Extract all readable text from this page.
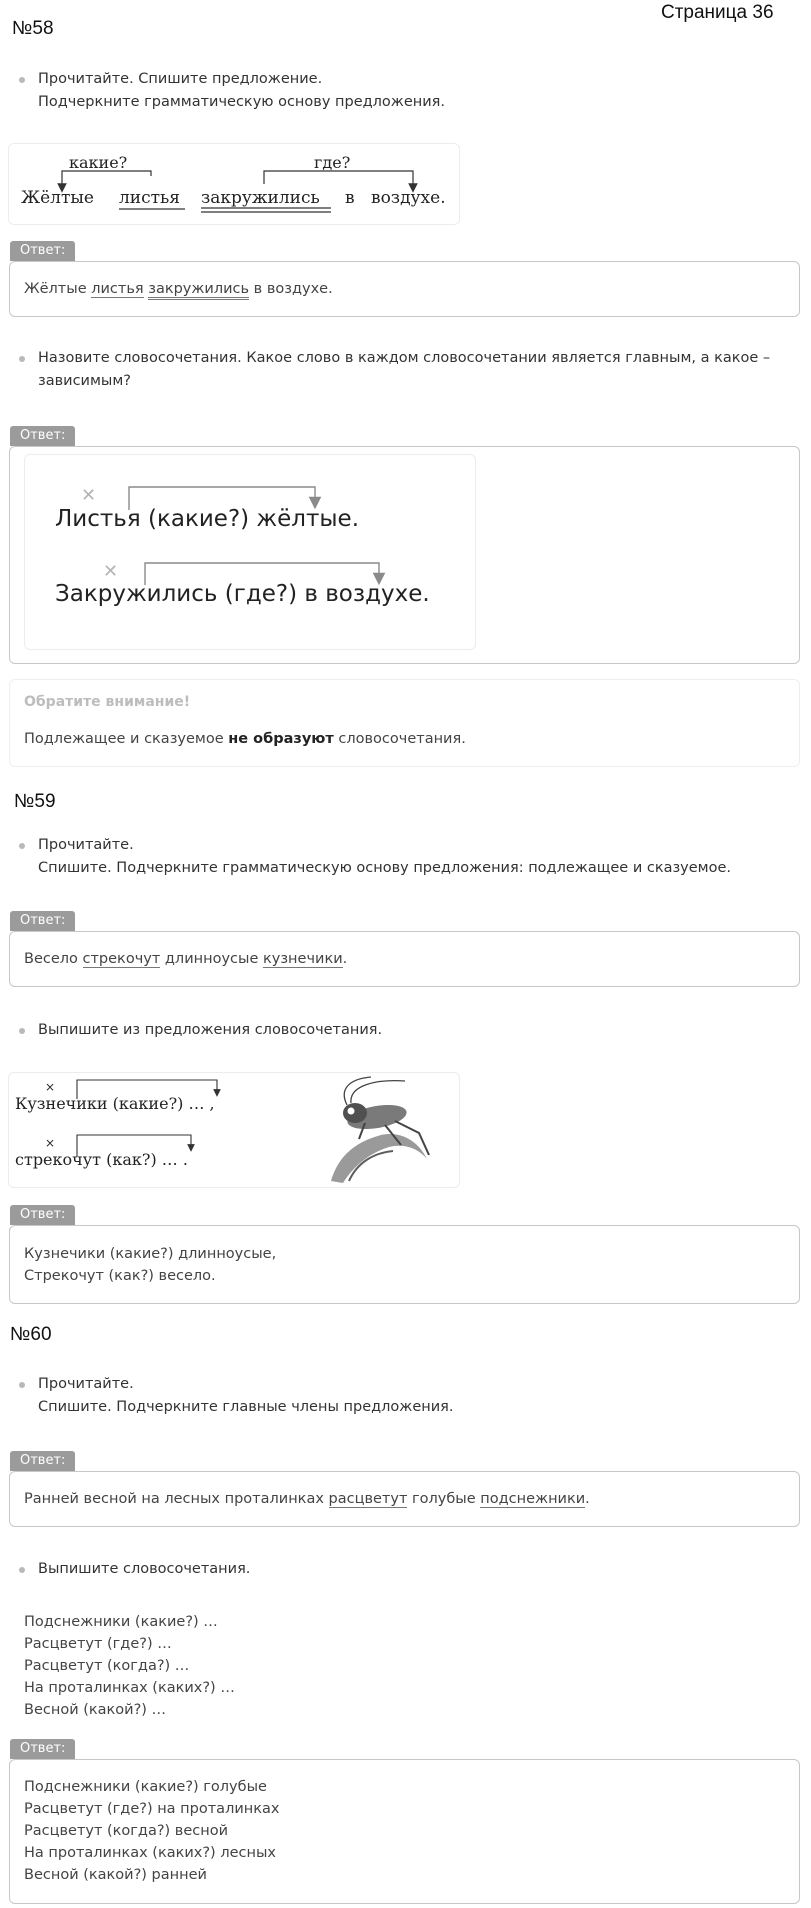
№58
Страница 36
Прочитайте. Спишите предложение.
Подчеркните грамматическую основу предложения.
какие?	где?
Жёлтые листья закружились в воздухе.
Ответ:
Жёлтые листья закружились в воздухе.
Назовите словосочетания. Какое слово в каждом словосочетании является главным, а какое –
зависимым?
Ответ:
✕
Листья (какие?) жёлтые.
✕
Закружились (где?) в воздухе.
Обратите внимание!
Подлежащее и сказуемое не образуют словосочетания.
№59
Прочитайте.
Спишите. Подчеркните грамматическую основу предложения: подлежащее и сказуемое.
Ответ:
Весело стрекочут длинноусые кузнечики.
Выпишите из предложения словосочетания.
×
Кузнечики (какие?) … ,
×
стрекочут (как?) … .
Ответ:
Кузнечики (какие?) длинноусые,
Стрекочут (как?) весело.
№60
Прочитайте.
Спишите. Подчеркните главные члены предложения.
Ответ:
Ранней весной на лесных проталинках расцветут голубые подснежники.
Выпишите словосочетания.
Подснежники (какие?) …
Расцветут (где?) …
Расцветут (когда?) …
На проталинках (каких?) …
Весной (какой?) …
Ответ:
Подснежники (какие?) голубые
Расцветут (где?) на проталинках
Расцветут (когда?) весной
На проталинках (каких?) лесных
Весной (какой?) ранней
